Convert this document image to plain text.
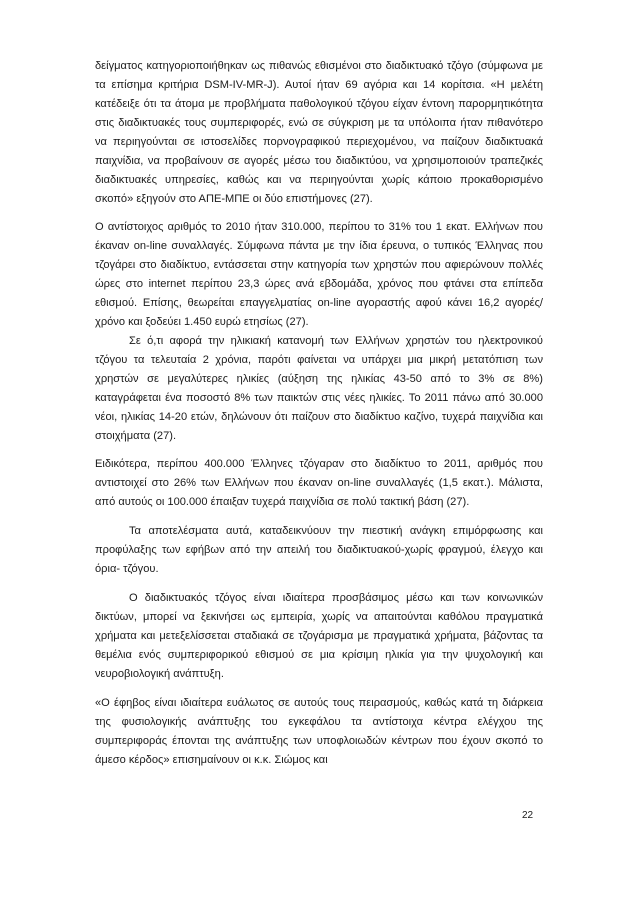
δείγματος κατηγοριοποιήθηκαν ως πιθανώς εθισμένοι στο διαδικτυακό τζόγο (σύμφωνα με τα επίσημα κριτήρια DSM-IV-MR-J). Αυτοί ήταν 69 αγόρια και 14 κορίτσια. «Η μελέτη κατέδειξε ότι τα άτομα με προβλήματα παθολογικού τζόγου είχαν έντονη παρορμητικότητα στις διαδικτυακές τους συμπεριφορές, ενώ σε σύγκριση με τα υπόλοιπα ήταν πιθανότερο να περιηγούνται σε ιστοσελίδες πορνογραφικού περιεχομένου, να παίζουν διαδικτυακά παιχνίδια, να προβαίνουν σε αγορές μέσω του διαδικτύου, να χρησιμοποιούν τραπεζικές διαδικτυακές υπηρεσίες, καθώς και να περιηγούνται χωρίς κάποιο προκαθορισμένο σκοπό» εξηγούν στο ΑΠΕ-ΜΠΕ οι δύο επιστήμονες (27).

Ο αντίστοιχος αριθμός το 2010 ήταν 310.000, περίπου το 31% του 1 εκατ. Ελλήνων που έκαναν on-line συναλλαγές. Σύμφωνα πάντα με την ίδια έρευνα, ο τυπικός Έλληνας που τζογάρει στο διαδίκτυο, εντάσσεται στην κατηγορία των χρηστών που αφιερώνουν πολλές ώρες στο internet περίπου 23,3 ώρες ανά εβδομάδα, χρόνος που φτάνει στα επίπεδα εθισμού. Επίσης, θεωρείται επαγγελματίας on-line αγοραστής αφού κάνει 16,2 αγορές/χρόνο και ξοδεύει 1.450 ευρώ ετησίως (27).

Σε ό,τι αφορά την ηλικιακή κατανομή των Ελλήνων χρηστών του ηλεκτρονικού τζόγου τα τελευταία 2 χρόνια, παρότι φαίνεται να υπάρχει μια μικρή μετατόπιση των χρηστών σε μεγαλύτερες ηλικίες (αύξηση της ηλικίας 43-50 από το 3% σε 8%) καταγράφεται ένα ποσοστό 8% των παικτών στις νέες ηλικίες. Το 2011 πάνω από 30.000 νέοι, ηλικίας 14-20 ετών, δηλώνουν ότι παίζουν στο διαδίκτυο καζίνο, τυχερά παιχνίδια και στοιχήματα (27).

Ειδικότερα, περίπου 400.000 Έλληνες τζόγαραν στο διαδίκτυο το 2011, αριθμός που αντιστοιχεί στο 26% των Ελλήνων που έκαναν on-line συναλλαγές (1,5 εκατ.). Μάλιστα, από αυτούς οι 100.000 έπαιξαν τυχερά παιχνίδια σε πολύ τακτική βάση (27).

Τα αποτελέσματα αυτά, καταδεικνύουν την πιεστική ανάγκη επιμόρφωσης και προφύλαξης των εφήβων από την απειλή του διαδικτυακού-χωρίς φραγμού, έλεγχο και όρια- τζόγου.

Ο διαδικτυακός τζόγος είναι ιδιαίτερα προσβάσιμος μέσω και των κοινωνικών δικτύων, μπορεί να ξεκινήσει ως εμπειρία, χωρίς να απαιτούνται καθόλου πραγματικά χρήματα και μετεξελίσσεται σταδιακά σε τζογάρισμα με πραγματικά χρήματα, βάζοντας τα θεμέλια ενός συμπεριφορικού εθισμού σε μια κρίσιμη ηλικία για την ψυχολογική και νευροβιολογική ανάπτυξη.

«Ο έφηβος είναι ιδιαίτερα ευάλωτος σε αυτούς τους πειρασμούς, καθώς κατά τη διάρκεια της φυσιολογικής ανάπτυξης του εγκεφάλου τα αντίστοιχα κέντρα ελέγχου της συμπεριφοράς έπονται της ανάπτυξης των υποφλοιωδών κέντρων που έχουν σκοπό το άμεσο κέρδος» επισημαίνουν οι κ.κ. Σιώμος και

22
